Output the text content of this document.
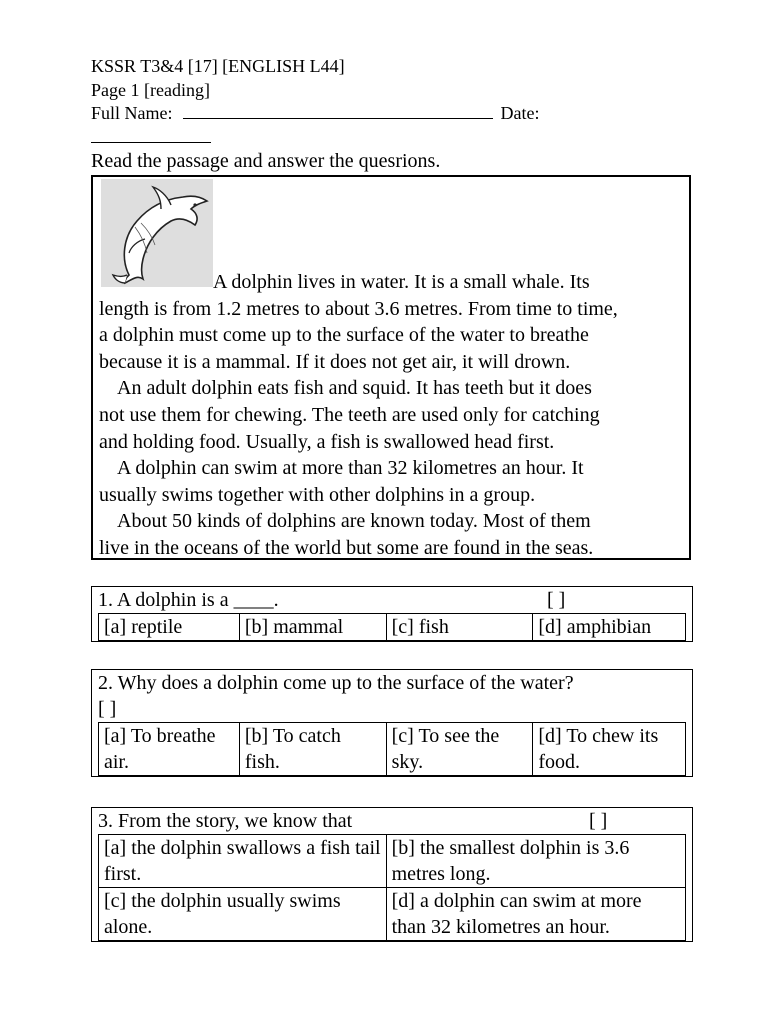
KSSR T3&4 [17] [ENGLISH L44]
Page 1 [reading]
Full Name:	Date:
Read the passage and answer the quesrions.
A dolphin lives in water. It is a small whale. Its
length is from 1.2 metres to about 3.6 metres. From time to time,
a dolphin must come up to the surface of the water to breathe
because it is a mammal. If it does not get air, it will drown.
An adult dolphin eats fish and squid. It has teeth but it does
not use them for chewing. The teeth are used only for catching
and holding food. Usually, a fish is swallowed head first.
A dolphin can swim at more than 32 kilometres an hour. It
usually swims together with other dolphins in a group.
About 50 kinds of dolphins are known today. Most of them
live in the oceans of the world but some are found in the seas.
1. A dolphin is a ____.	[ ]
[a] reptile	[b] mammal	[c] fish	[d] amphibian
2. Why does a dolphin come up to the surface of the water?
[ ]
[a] To breathe air.	[b] To catch fish.	[c] To see the sky.	[d] To chew its food.
3. From the story, we know that	[ ]
[a] the dolphin swallows a fish tail first.	[b] the smallest dolphin is 3.6 metres long.
[c] the dolphin usually swims alone.	[d] a dolphin can swim at more than 32 kilometres an hour.
